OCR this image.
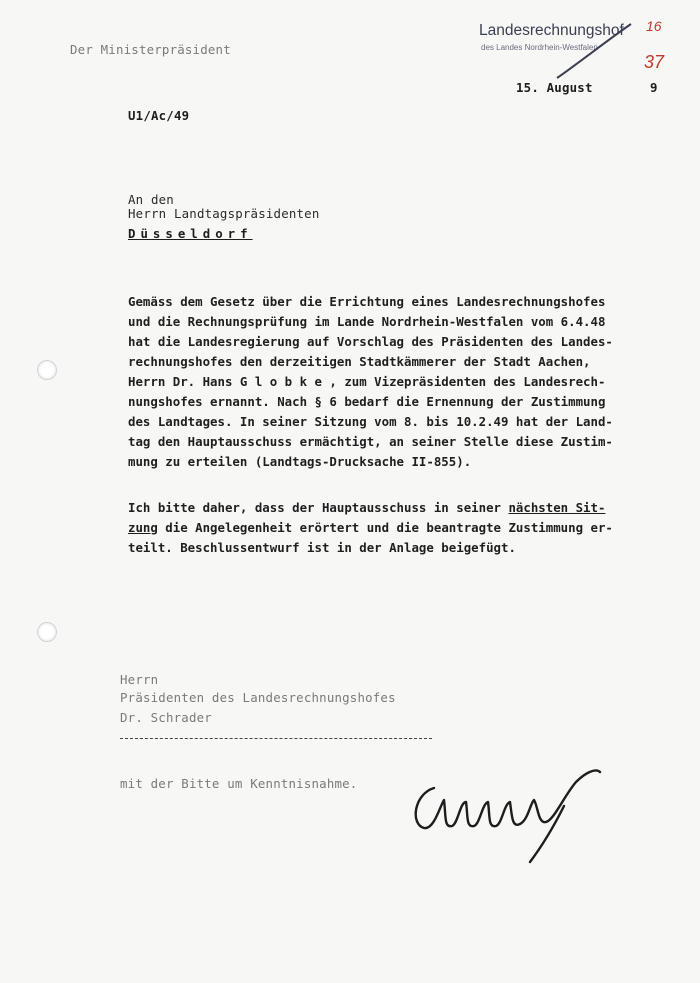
Der Ministerpräsident
Landesrechnungshof
des Landes Nordrhein-Westfalen
16
37
15. August	9
U1/Ac/49
An den
Herrn Landtagspräsidenten
Düsseldorf
Gemäss dem Gesetz über die Errichtung eines Landesrechnungshofes
und die Rechnungsprüfung im Lande Nordrhein-Westfalen vom 6.4.48
hat die Landesregierung auf Vorschlag des Präsidenten des Landes-
rechnungshofes den derzeitigen Stadtkämmerer der Stadt Aachen,
Herrn Dr. Hans G l o b k e , zum Vizepräsidenten des Landesrech-
nungshofes ernannt. Nach § 6 bedarf die Ernennung der Zustimmung
des Landtages. In seiner Sitzung vom 8. bis 10.2.49 hat der Land-
tag den Hauptausschuss ermächtigt, an seiner Stelle diese Zustim-
mung zu erteilen (Landtags-Drucksache II-855).
Ich bitte daher, dass der Hauptausschuss in seiner nächsten Sit-
zung die Angelegenheit erörtert und die beantragte Zustimmung er-
teilt. Beschlussentwurf ist in der Anlage beigefügt.
Herrn
Präsidenten des Landesrechnungshofes
Dr. Schrader
mit der Bitte um Kenntnisnahme.
